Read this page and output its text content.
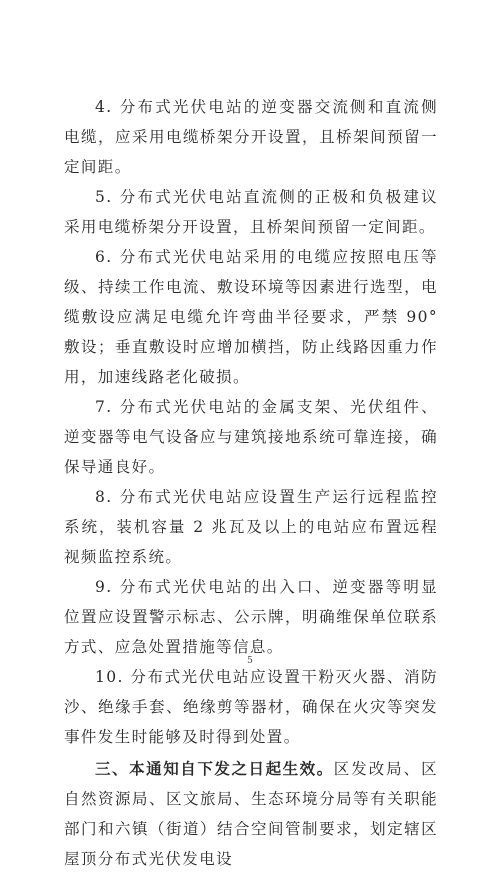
4. 分布式光伏电站的逆变器交流侧和直流侧电缆，应采用电缆桥架分开设置，且桥架间预留一定间距。

5. 分布式光伏电站直流侧的正极和负极建议采用电缆桥架分开设置，且桥架间预留一定间距。

6. 分布式光伏电站采用的电缆应按照电压等级、持续工作电流、敷设环境等因素进行选型，电缆敷设应满足电缆允许弯曲半径要求，严禁 90° 敷设；垂直敷设时应增加横挡，防止线路因重力作用，加速线路老化破损。

7. 分布式光伏电站的金属支架、光伏组件、逆变器等电气设备应与建筑接地系统可靠连接，确保导通良好。

8. 分布式光伏电站应设置生产运行远程监控系统，装机容量 2 兆瓦及以上的电站应布置远程视频监控系统。

9. 分布式光伏电站的出入口、逆变器等明显位置应设置警示标志、公示牌，明确维保单位联系方式、应急处置措施等信息。

10. 分布式光伏电站应设置干粉灭火器、消防沙、绝缘手套、绝缘剪等器材，确保在火灾等突发事件发生时能够及时得到处置。

三、本通知自下发之日起生效。区发改局、区自然资源局、区文旅局、生态环境分局等有关职能部门和六镇（街道）结合空间管制要求，划定辖区屋顶分布式光伏发电设

5
